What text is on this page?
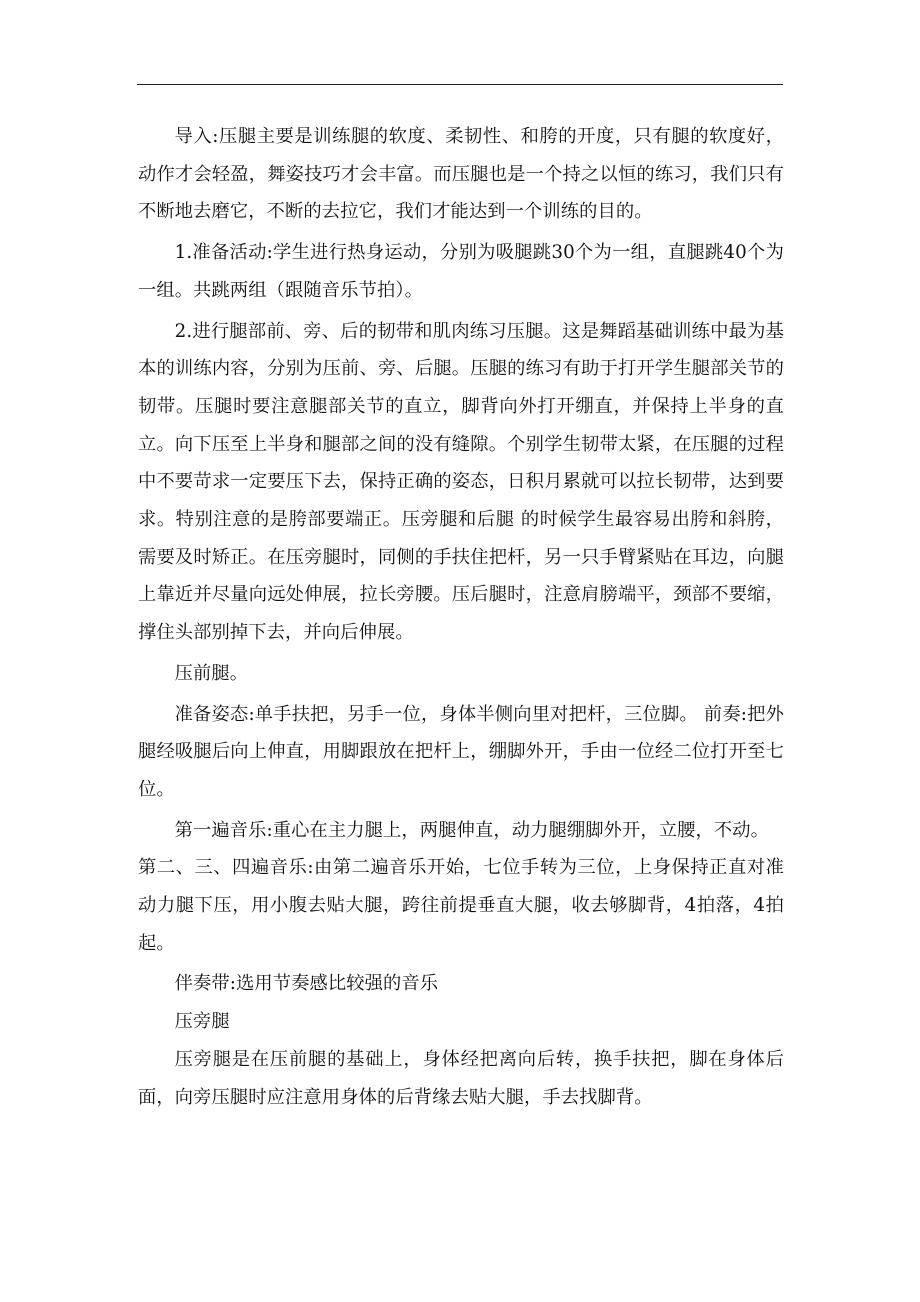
导入:压腿主要是训练腿的软度、柔韧性、和胯的开度，只有腿的软度好，动作才会轻盈，舞姿技巧才会丰富。而压腿也是一个持之以恒的练习，我们只有不断地去磨它，不断的去拉它，我们才能达到一个训练的目的。

1.准备活动:学生进行热身运动，分别为吸腿跳30个为一组，直腿跳40个为一组。共跳两组（跟随音乐节拍）。

2.进行腿部前、旁、后的韧带和肌肉练习压腿。这是舞蹈基础训练中最为基本的训练内容，分别为压前、旁、后腿。压腿的练习有助于打开学生腿部关节的韧带。压腿时要注意腿部关节的直立，脚背向外打开绷直，并保持上半身的直立。向下压至上半身和腿部之间的没有缝隙。个别学生韧带太紧，在压腿的过程中不要苛求一定要压下去，保持正确的姿态，日积月累就可以拉长韧带，达到要求。特别注意的是胯部要端正。压旁腿和后腿 的时候学生最容易出胯和斜胯，需要及时矫正。在压旁腿时，同侧的手扶住把杆，另一只手臂紧贴在耳边，向腿上靠近并尽量向远处伸展，拉长旁腰。压后腿时，注意肩膀端平，颈部不要缩，撑住头部别掉下去，并向后伸展。

压前腿。

准备姿态:单手扶把，另手一位，身体半侧向里对把杆，三位脚。 前奏:把外腿经吸腿后向上伸直，用脚跟放在把杆上，绷脚外开，手由一位经二位打开至七位。

第一遍音乐:重心在主力腿上，两腿伸直，动力腿绷脚外开，立腰，不动。

第二、三、四遍音乐:由第二遍音乐开始，七位手转为三位，上身保持正直对准动力腿下压，用小腹去贴大腿，跨往前提垂直大腿，收去够脚背，4拍落，4拍起。

伴奏带:选用节奏感比较强的音乐

压旁腿

压旁腿是在压前腿的基础上，身体经把离向后转，换手扶把，脚在身体后面，向旁压腿时应注意用身体的后背缘去贴大腿，手去找脚背。
